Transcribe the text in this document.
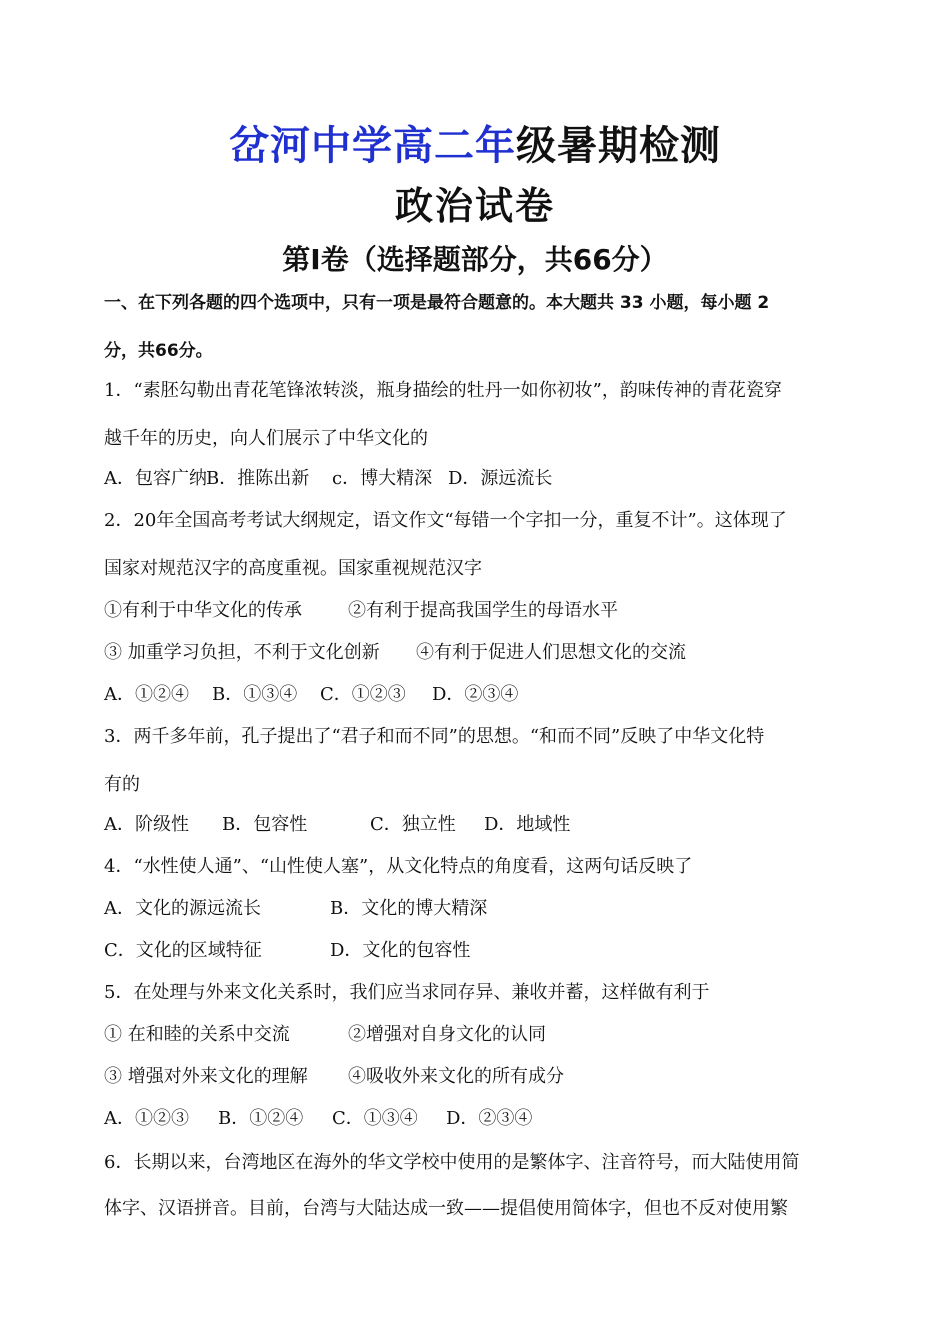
岔河中学高二年级暑期检测
政治试卷
第Ⅰ卷（选择题部分，共66分）
一、在下列各题的四个选项中，只有一项是最符合题意的。本大题共 33 小题，每小题 2
分，共66分。
1．“素胚勾勒出青花笔锋浓转淡，瓶身描绘的牡丹一如你初妆”，韵味传神的青花瓷穿
越千年的历史，向人们展示了中华文化的
A．包容广纳B．推陈出新 c．博大精深 D．源远流长
2．20年全国高考考试大纲规定，语文作文“每错一个字扣一分，重复不计”。这体现了
国家对规范汉字的高度重视。国家重视规范汉字
①有利于中华文化的传承	②有利于提高我国学生的母语水平
③ 加重学习负担，不利于文化创新 ④有利于促进人们思想文化的交流
A．①②④ B．①③④ C．①②③ D．②③④
3．两千多年前，孔子提出了“君子和而不同”的思想。“和而不同”反映了中华文化特
有的
A．阶级性 B．包容性	C．独立性 D．地域性
4．“水性使人通”、“山性使人塞”，从文化特点的角度看，这两句话反映了
A．文化的源远流长	B．文化的博大精深
C．文化的区域特征	D．文化的包容性
5．在处理与外来文化关系时，我们应当求同存异、兼收并蓄，这样做有利于
① 在和睦的关系中交流	②增强对自身文化的认同
③ 增强对外来文化的理解 ④吸收外来文化的所有成分
A．①②③ B．①②④ C．①③④ D．②③④
6．长期以来，台湾地区在海外的华文学校中使用的是繁体字、注音符号，而大陆使用简
体字、汉语拼音。目前，台湾与大陆达成一致——提倡使用简体字，但也不反对使用繁
